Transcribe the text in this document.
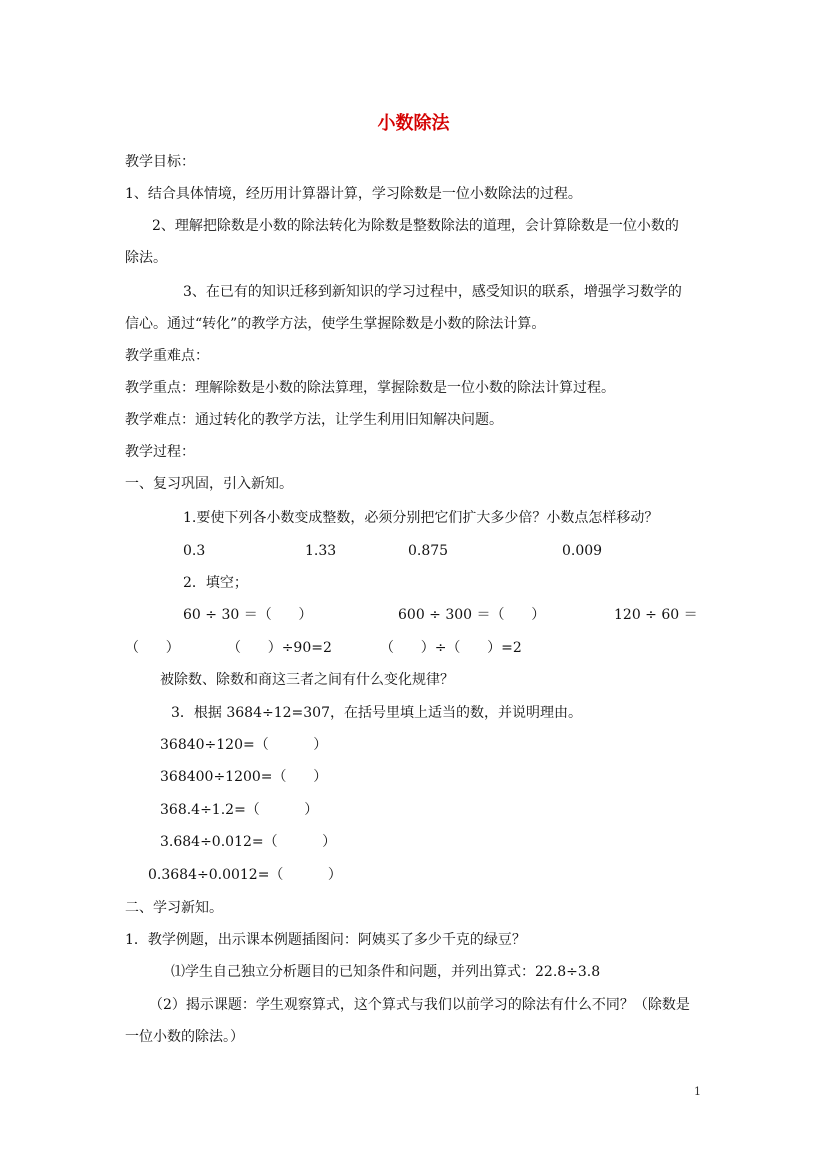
小数除法
教学目标：
1、结合具体情境，经历用计算器计算，学习除数是一位小数除法的过程。
2、理解把除数是小数的除法转化为除数是整数除法的道理，会计算除数是一位小数的
除法。
3、在已有的知识迁移到新知识的学习过程中，感受知识的联系，增强学习数学的
信心。通过“转化”的教学方法，使学生掌握除数是小数的除法计算。
教学重难点：
教学重点：理解除数是小数的除法算理，掌握除数是一位小数的除法计算过程。
教学难点：通过转化的教学方法，让学生利用旧知解决问题。
教学过程：
一、复习巩固，引入新知。
1.要使下列各小数变成整数，必须分别把它们扩大多少倍？小数点怎样移动？
0.3	1.33	0.875	0.009
2．填空；
60 ÷ 30 ＝（      ）	600 ÷ 300 ＝（      ）	120 ÷ 60 ＝
（      ）	（      ）÷90=2	（      ）÷（      ）=2
被除数、除数和商这三者之间有什么变化规律？
3．根据 3684÷12=307，在括号里填上适当的数，并说明理由。
36840÷120=（          ）
368400÷1200=（      ）
368.4÷1.2=（          ）
3.684÷0.012=（          ）
0.3684÷0.0012=（          ）
二、学习新知。
1．教学例题，出示课本例题插图问：阿姨买了多少千克的绿豆？
⑴学生自己独立分析题目的已知条件和问题，并列出算式：22.8÷3.8
（2）揭示课题：学生观察算式，这个算式与我们以前学习的除法有什么不同？（除数是
一位小数的除法。）
1
